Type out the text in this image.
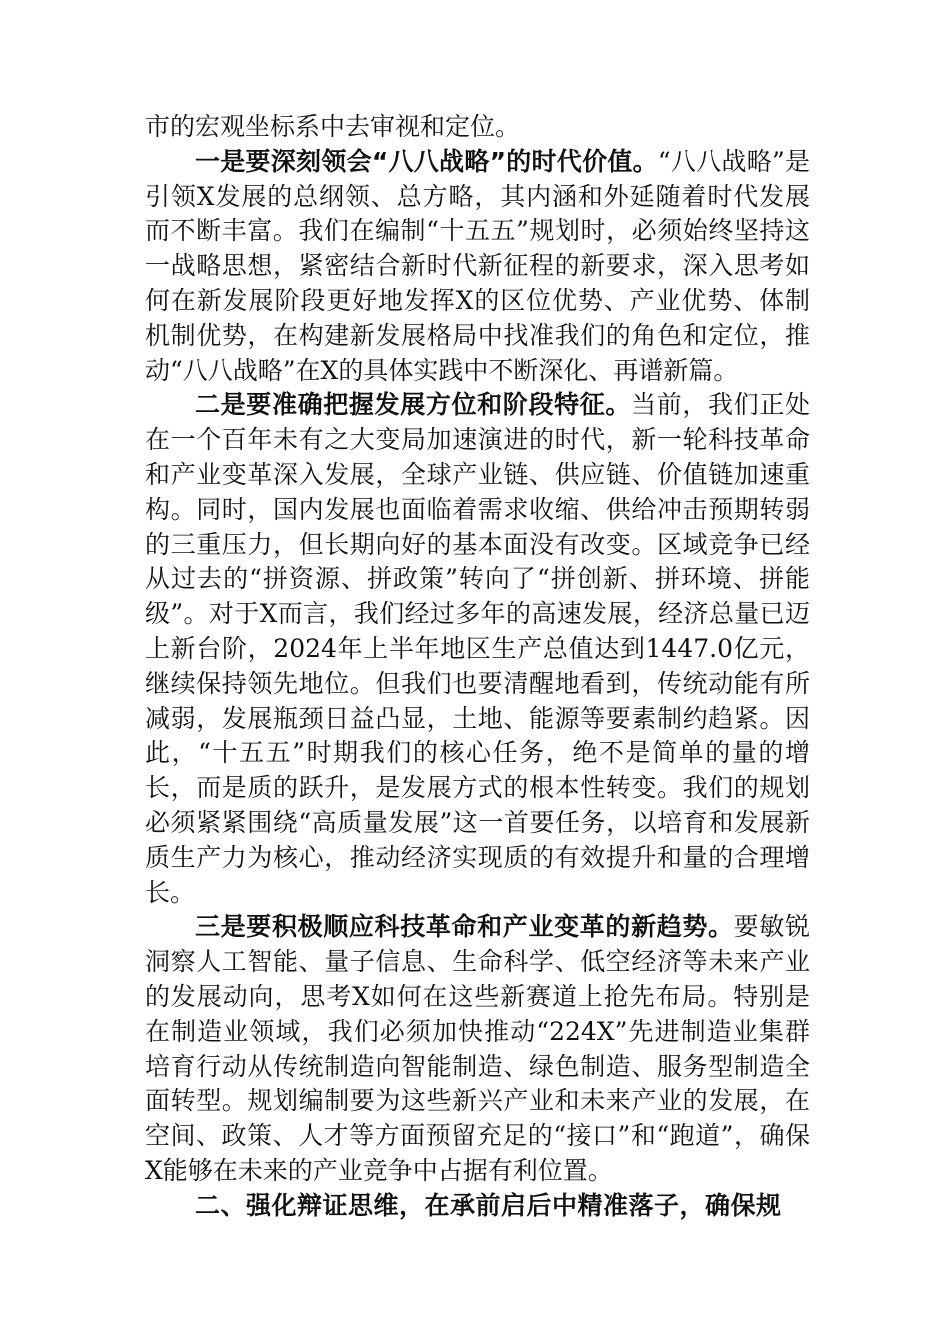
市的宏观坐标系中去审视和定位。

一是要深刻领会“八八战略”的时代价值。“八八战略”是引领X发展的总纲领、总方略，其内涵和外延随着时代发展而不断丰富。我们在编制“十五五”规划时，必须始终坚持这一战略思想，紧密结合新时代新征程的新要求，深入思考如何在新发展阶段更好地发挥X的区位优势、产业优势、体制机制优势，在构建新发展格局中找准我们的角色和定位，推动“八八战略”在X的具体实践中不断深化、再谱新篇。

二是要准确把握发展方位和阶段特征。当前，我们正处在一个百年未有之大变局加速演进的时代，新一轮科技革命和产业变革深入发展，全球产业链、供应链、价值链加速重构。同时，国内发展也面临着需求收缩、供给冲击预期转弱的三重压力，但长期向好的基本面没有改变。区域竞争已经从过去的“拼资源、拼政策”转向了“拼创新、拼环境、拼能级”。对于X而言，我们经过多年的高速发展，经济总量已迈上新台阶，2024年上半年地区生产总值达到1447.0亿元，继续保持领先地位。但我们也要清醒地看到，传统动能有所减弱，发展瓶颈日益凸显，土地、能源等要素制约趋紧。因此，“十五五”时期我们的核心任务，绝不是简单的量的增长，而是质的跃升，是发展方式的根本性转变。我们的规划必须紧紧围绕“高质量发展”这一首要任务，以培育和发展新质生产力为核心，推动经济实现质的有效提升和量的合理增长。

三是要积极顺应科技革命和产业变革的新趋势。要敏锐洞察人工智能、量子信息、生命科学、低空经济等未来产业的发展动向，思考X如何在这些新赛道上抢先布局。特别是在制造业领域，我们必须加快推动“224X”先进制造业集群培育行动从传统制造向智能制造、绿色制造、服务型制造全面转型。规划编制要为这些新兴产业和未来产业的发展，在空间、政策、人才等方面预留充足的“接口”和“跑道”，确保X能够在未来的产业竞争中占据有利位置。

二、强化辩证思维，在承前启后中精准落子，确保规
